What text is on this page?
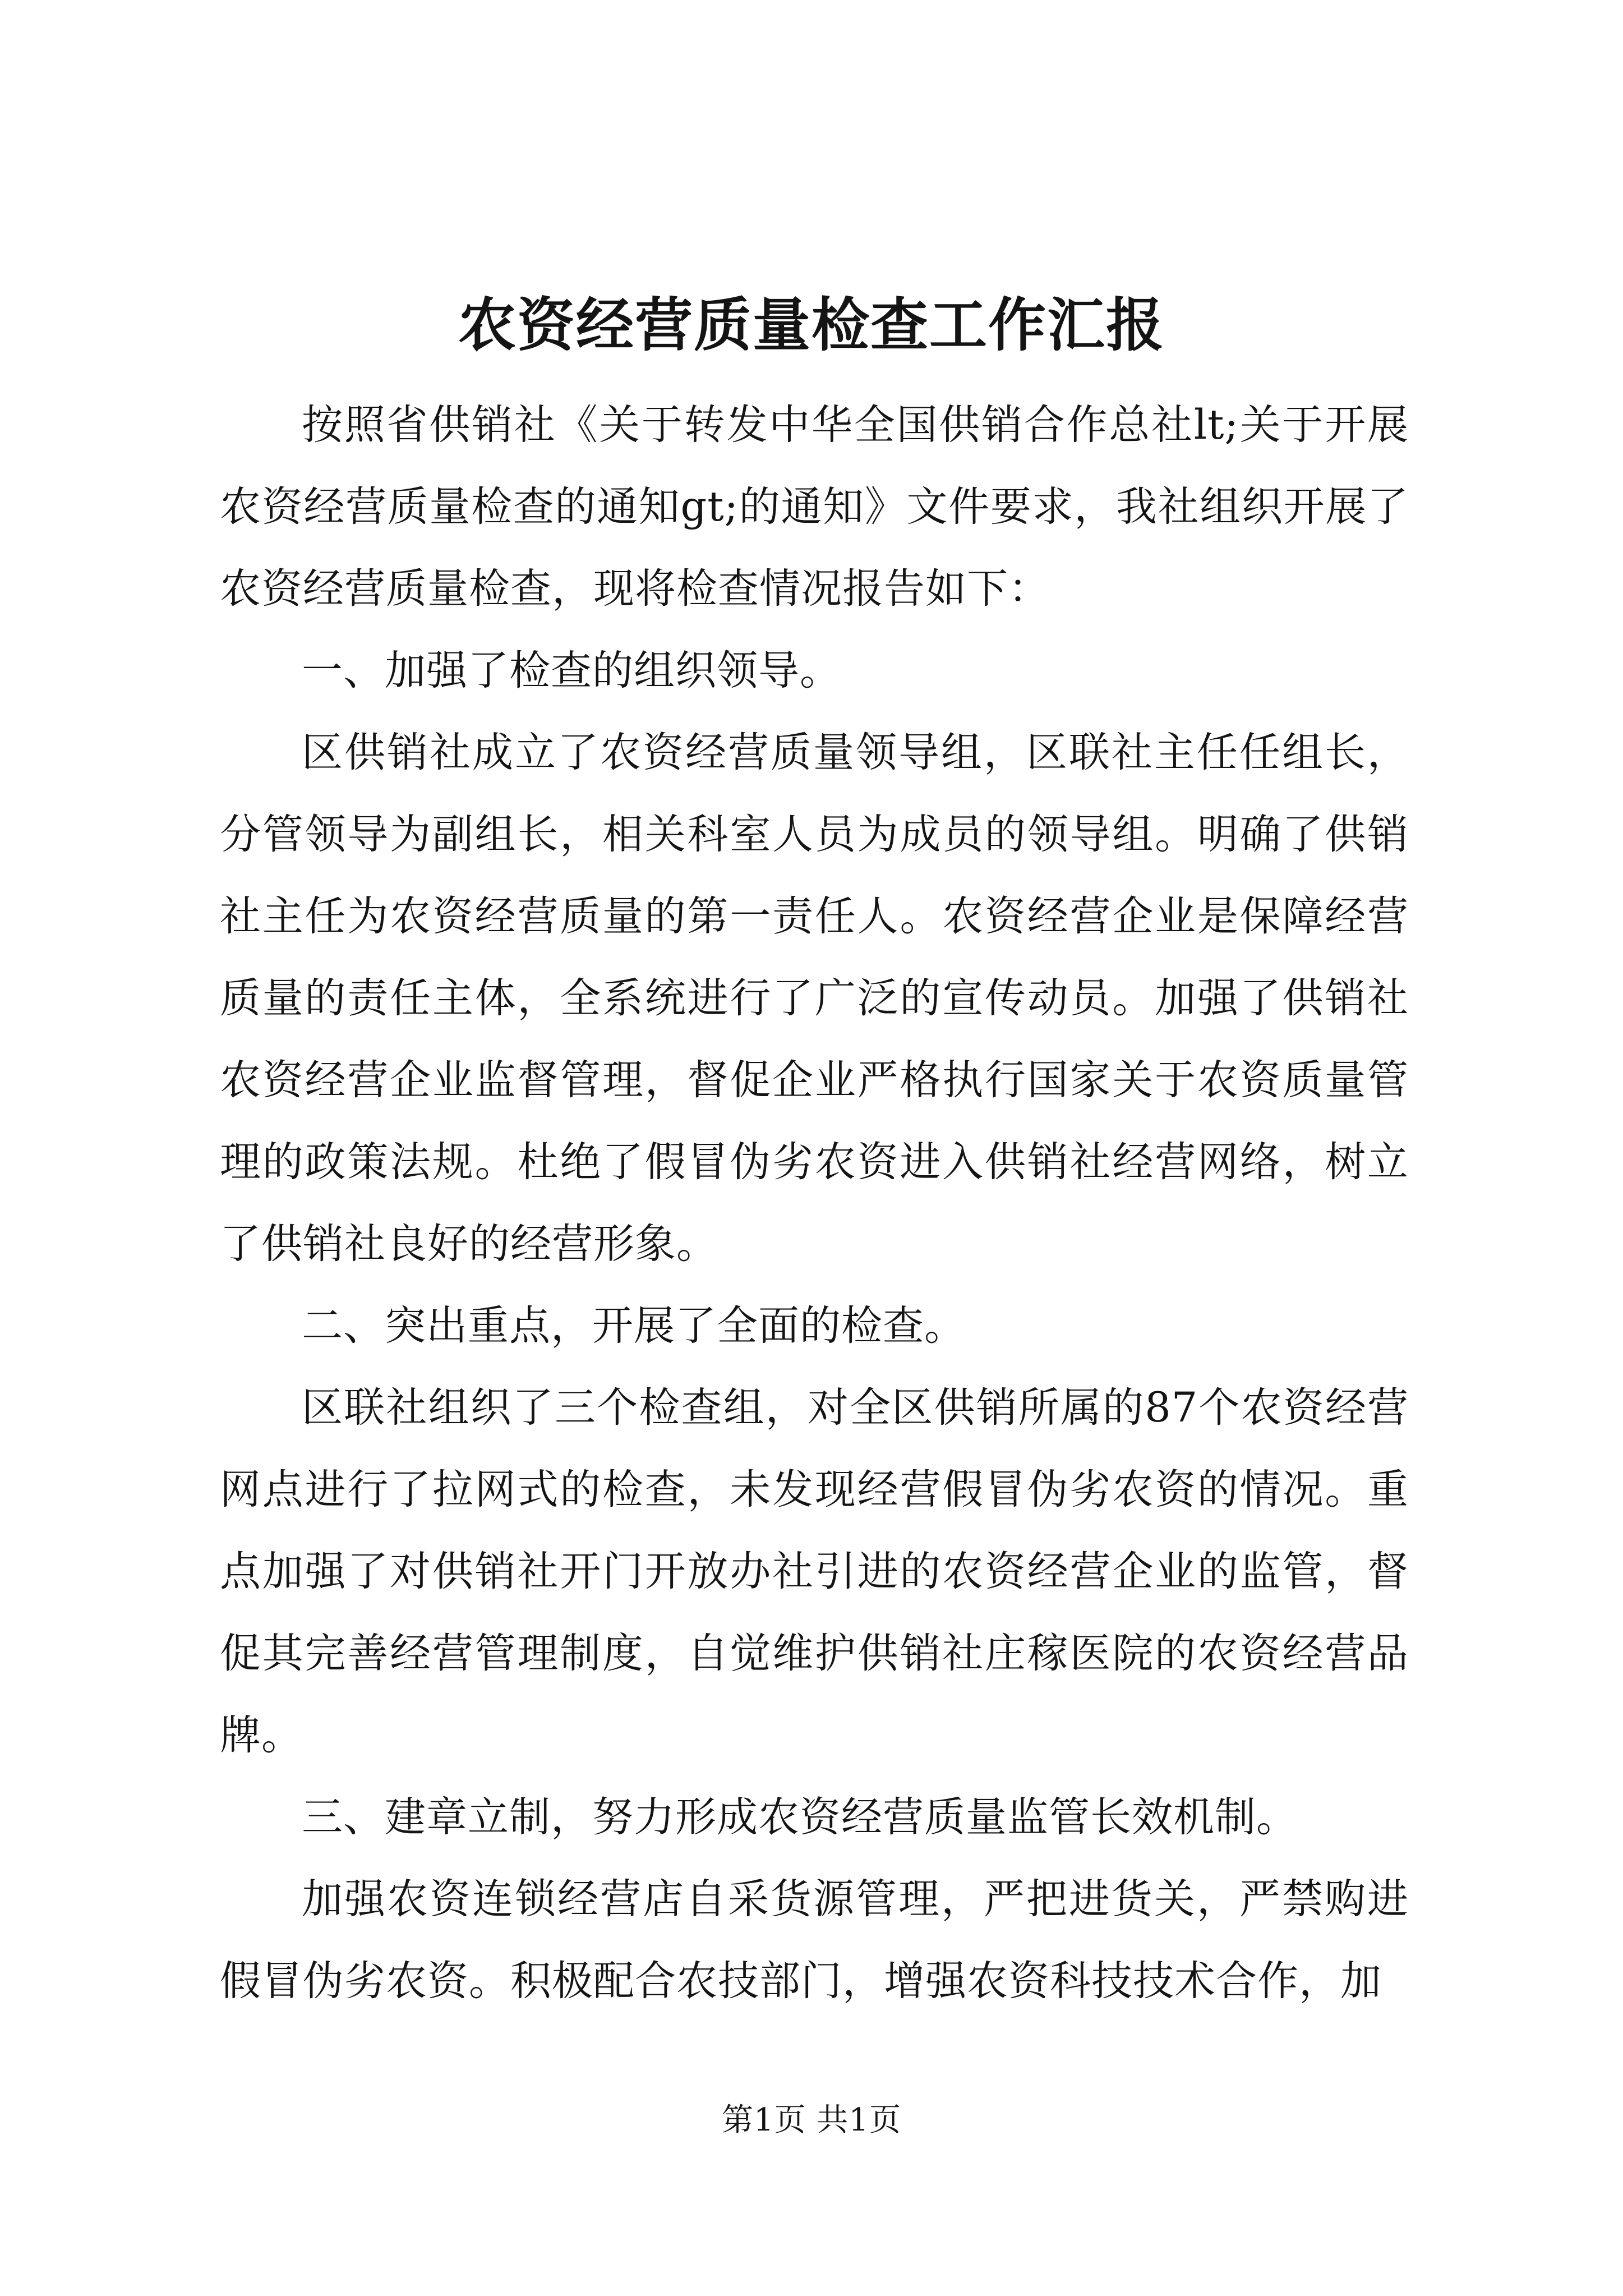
农资经营质量检查工作汇报

按照省供销社《关于转发中华全国供销合作总社lt;关于开展农资经营质量检查的通知gt;的通知》文件要求，我社组织开展了农资经营质量检查，现将检查情况报告如下：

一、加强了检查的组织领导。

区供销社成立了农资经营质量领导组，区联社主任任组长，分管领导为副组长，相关科室人员为成员的领导组。明确了供销社主任为农资经营质量的第一责任人。农资经营企业是保障经营质量的责任主体，全系统进行了广泛的宣传动员。加强了供销社农资经营企业监督管理，督促企业严格执行国家关于农资质量管理的政策法规。杜绝了假冒伪劣农资进入供销社经营网络，树立了供销社良好的经营形象。

二、突出重点，开展了全面的检查。

区联社组织了三个检查组，对全区供销所属的87个农资经营网点进行了拉网式的检查，未发现经营假冒伪劣农资的情况。重点加强了对供销社开门开放办社引进的农资经营企业的监管，督促其完善经营管理制度，自觉维护供销社庄稼医院的农资经营品牌。

三、建章立制，努力形成农资经营质量监管长效机制。

加强农资连锁经营店自采货源管理，严把进货关，严禁购进假冒伪劣农资。积极配合农技部门，增强农资科技技术合作，加

第1页 共1页
